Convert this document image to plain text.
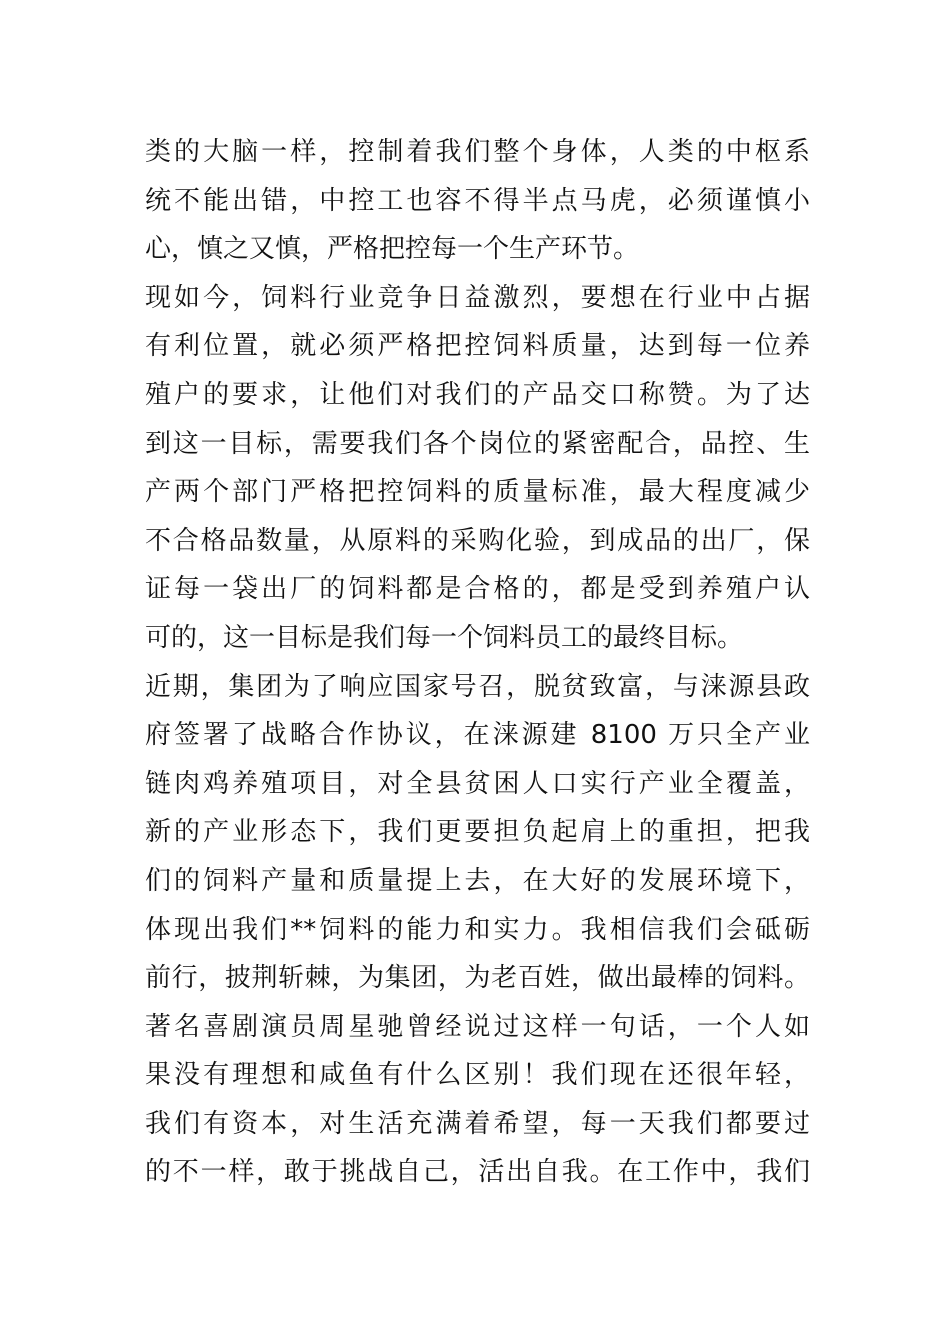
类的大脑一样，控制着我们整个身体，人类的中枢系
统不能出错，中控工也容不得半点马虎，必须谨慎小
心，慎之又慎，严格把控每一个生产环节。
现如今，饲料行业竞争日益激烈，要想在行业中占据
有利位置，就必须严格把控饲料质量，达到每一位养
殖户的要求，让他们对我们的产品交口称赞。为了达
到这一目标，需要我们各个岗位的紧密配合，品控、生
产两个部门严格把控饲料的质量标准，最大程度减少
不合格品数量，从原料的采购化验，到成品的出厂，保
证每一袋出厂的饲料都是合格的，都是受到养殖户认
可的，这一目标是我们每一个饲料员工的最终目标。
近期，集团为了响应国家号召，脱贫致富，与涞源县政
府签署了战略合作协议，在涞源建 8100 万只全产业
链肉鸡养殖项目，对全县贫困人口实行产业全覆盖，
新的产业形态下，我们更要担负起肩上的重担，把我
们的饲料产量和质量提上去，在大好的发展环境下，
体现出我们**饲料的能力和实力。我相信我们会砥砺
前行，披荆斩棘，为集团，为老百姓，做出最棒的饲料。
著名喜剧演员周星驰曾经说过这样一句话，一个人如
果没有理想和咸鱼有什么区别！我们现在还很年轻，
我们有资本，对生活充满着希望，每一天我们都要过
的不一样，敢于挑战自己，活出自我。在工作中，我们
